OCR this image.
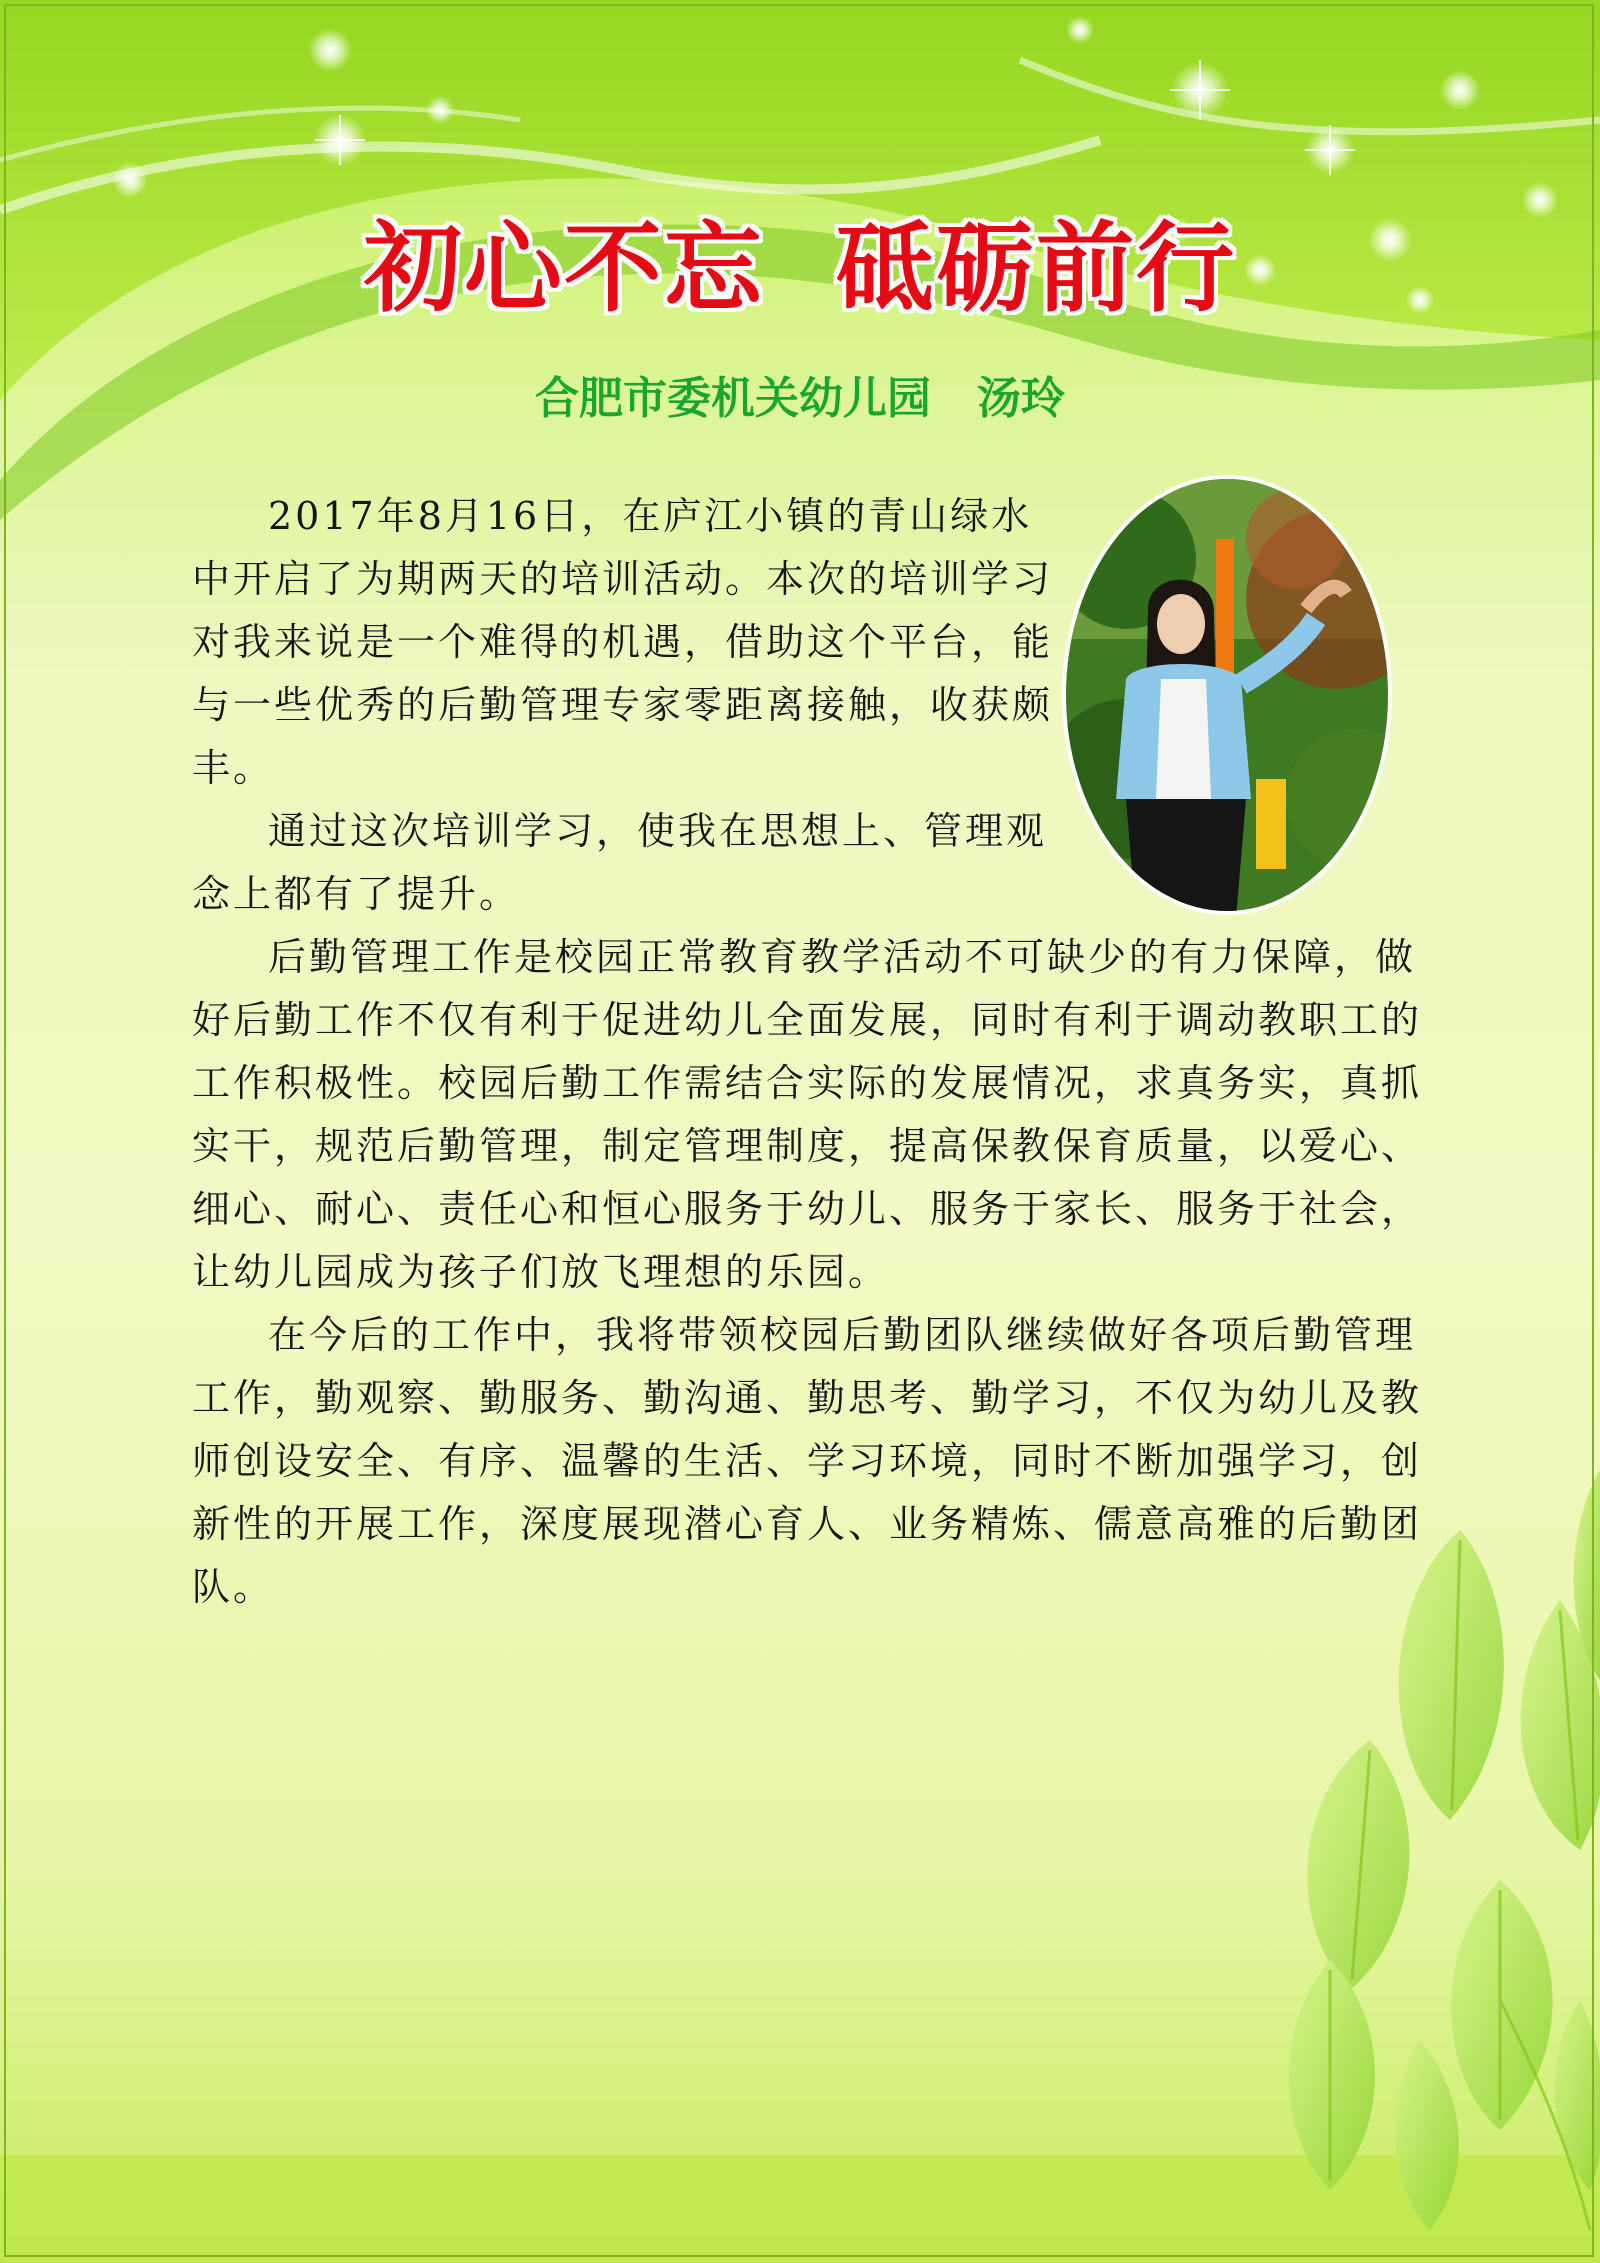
初心不忘  砥砺前行
合肥市委机关幼儿园   汤玲

2017年8月16日，在庐江小镇的青山绿水中开启了为期两天的培训活动。本次的培训学习对我来说是一个难得的机遇，借助这个平台，能与一些优秀的后勤管理专家零距离接触，收获颇丰。

通过这次培训学习，使我在思想上、管理观念上都有了提升。

后勤管理工作是校园正常教育教学活动不可缺少的有力保障，做好后勤工作不仅有利于促进幼儿全面发展，同时有利于调动教职工的工作积极性。校园后勤工作需结合实际的发展情况，求真务实，真抓实干，规范后勤管理，制定管理制度，提高保教保育质量，以爱心、细心、耐心、责任心和恒心服务于幼儿、服务于家长、服务于社会，让幼儿园成为孩子们放飞理想的乐园。

在今后的工作中，我将带领校园后勤团队继续做好各项后勤管理工作，勤观察、勤服务、勤沟通、勤思考、勤学习，不仅为幼儿及教师创设安全、有序、温馨的生活、学习环境，同时不断加强学习，创新性的开展工作，深度展现潜心育人、业务精炼、儒意高雅的后勤团队。
